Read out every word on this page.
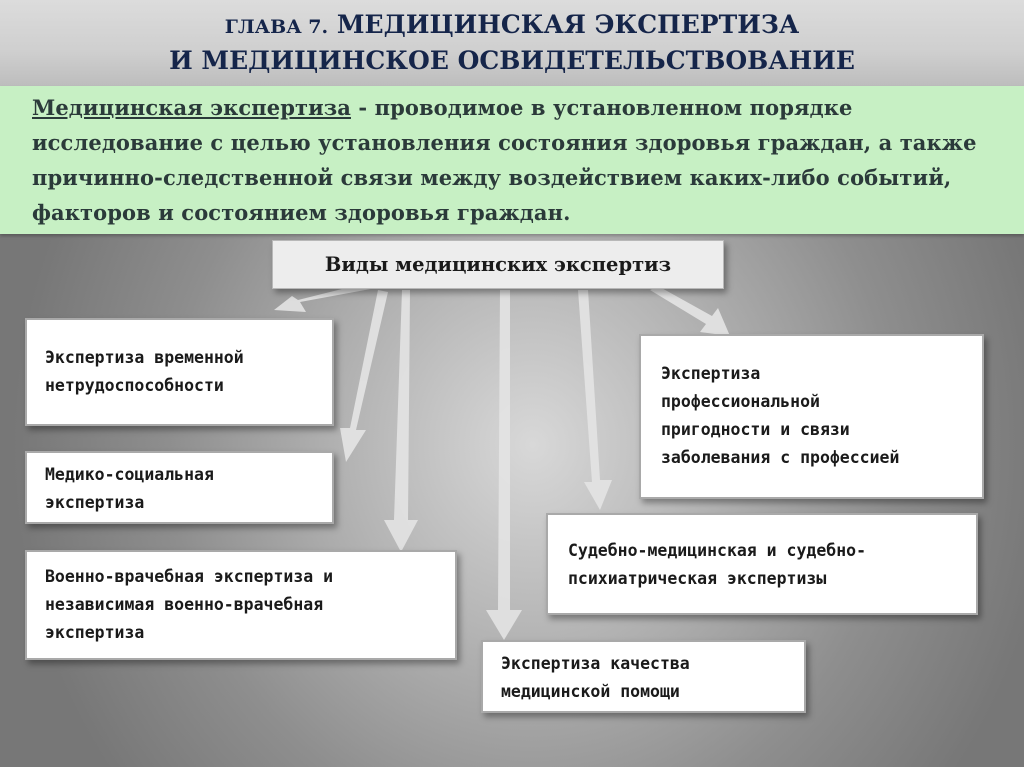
ГЛАВА 7. МЕДИЦИНСКАЯ ЭКСПЕРТИЗА
И МЕДИЦИНСКОЕ ОСВИДЕТЕЛЬСТВОВАНИЕ
Медицинская экспертиза - проводимое в установленном порядке исследование с целью установления состояния здоровья граждан, а также причинно-следственной связи между воздействием каких-либо событий, факторов и состоянием здоровья граждан.
Виды медицинских экспертиз
Экспертиза временной
нетрудоспособности
Медико-социальная
экспертиза
Военно-врачебная экспертиза и
независимая военно-врачебная
экспертиза
Экспертиза
профессиональной
пригодности и связи
заболевания с профессией
Судебно-медицинская и судебно-
психиатрическая экспертизы
Экспертиза качества
медицинской помощи
